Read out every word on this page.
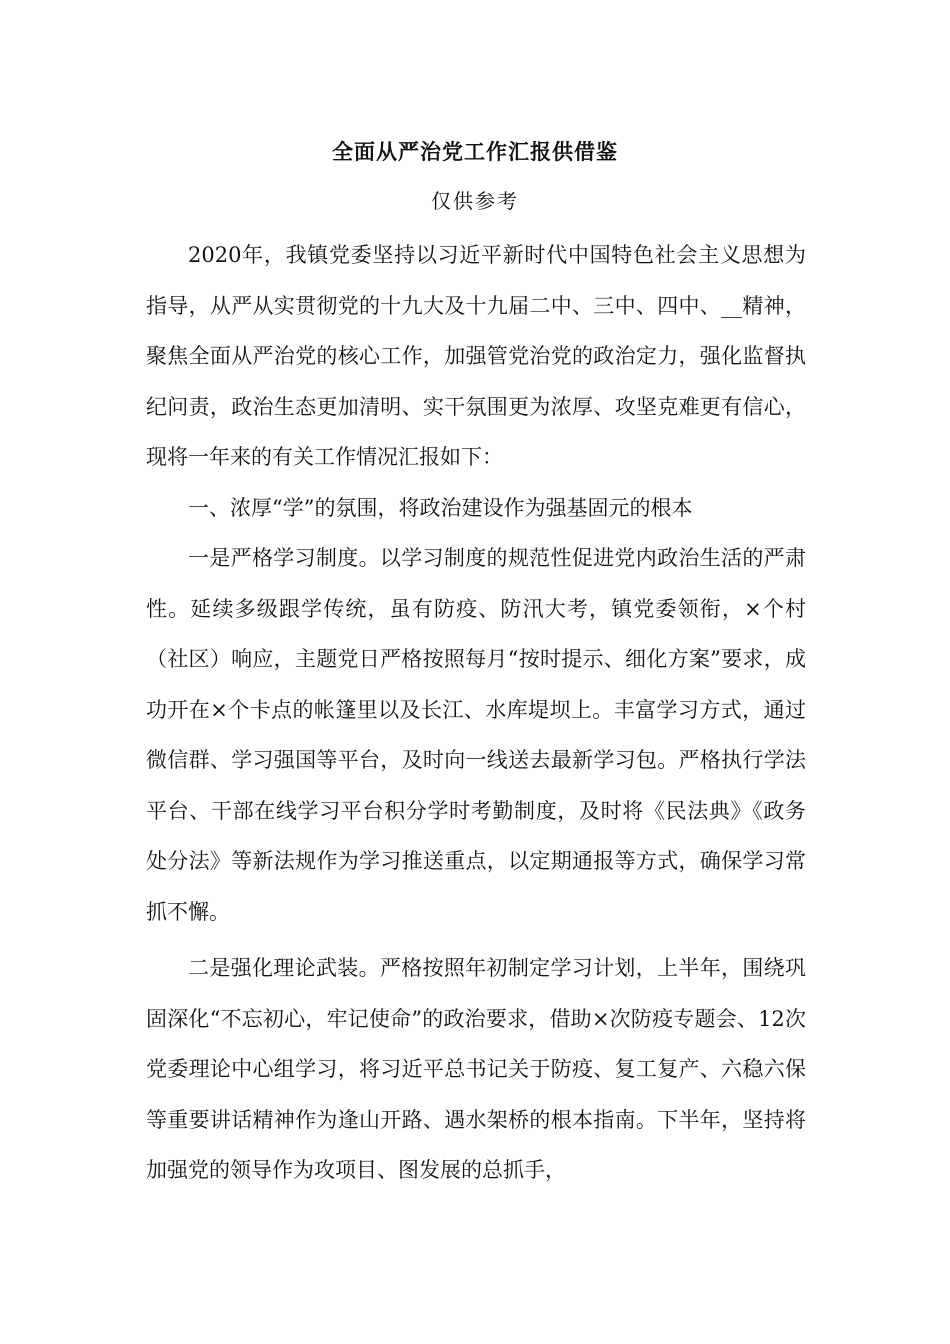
全面从严治党工作汇报供借鉴
仅供参考

2020年，我镇党委坚持以习近平新时代中国特色社会主义思想为指导，从严从实贯彻党的十九大及十九届二中、三中、四中、__精神，聚焦全面从严治党的核心工作，加强管党治党的政治定力，强化监督执纪问责，政治生态更加清明、实干氛围更为浓厚、攻坚克难更有信心，现将一年来的有关工作情况汇报如下：

一、浓厚“学”的氛围，将政治建设作为强基固元的根本

一是严格学习制度。以学习制度的规范性促进党内政治生活的严肃性。延续多级跟学传统，虽有防疫、防汛大考，镇党委领衔，×个村（社区）响应，主题党日严格按照每月“按时提示、细化方案”要求，成功开在×个卡点的帐篷里以及长江、水库堤坝上。丰富学习方式，通过微信群、学习强国等平台，及时向一线送去最新学习包。严格执行学法平台、干部在线学习平台积分学时考勤制度，及时将《民法典》《政务处分法》等新法规作为学习推送重点，以定期通报等方式，确保学习常抓不懈。

二是强化理论武装。严格按照年初制定学习计划，上半年，围绕巩固深化“不忘初心，牢记使命”的政治要求，借助×次防疫专题会、12次党委理论中心组学习，将习近平总书记关于防疫、复工复产、六稳六保等重要讲话精神作为逢山开路、遇水架桥的根本指南。下半年，坚持将加强党的领导作为攻项目、图发展的总抓手，
